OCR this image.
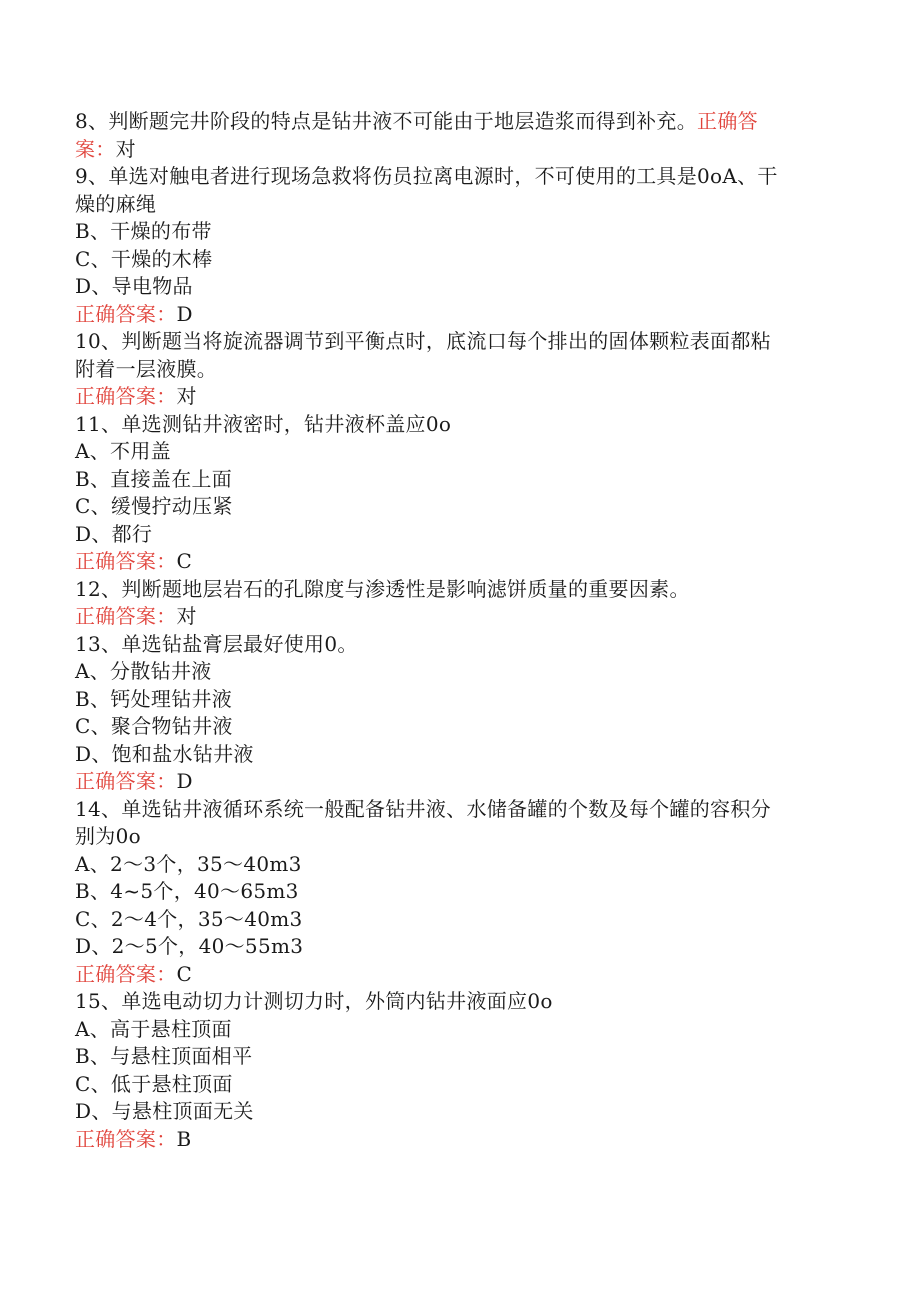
8、判断题完井阶段的特点是钻井液不可能由于地层造浆而得到补充。正确答
案：对
9、单选对触电者进行现场急救将伤员拉离电源时，不可使用的工具是0oA、干
燥的麻绳
B、干燥的布带
C、干燥的木棒
D、导电物品
正确答案：D
10、判断题当将旋流器调节到平衡点时，底流口每个排出的固体颗粒表面都粘
附着一层液膜。
正确答案：对
11、单选测钻井液密时，钻井液杯盖应0o
A、不用盖
B、直接盖在上面
C、缓慢拧动压紧
D、都行
正确答案：C
12、判断题地层岩石的孔隙度与渗透性是影响滤饼质量的重要因素。
正确答案：对
13、单选钻盐膏层最好使用0。
A、分散钻井液
B、钙处理钻井液
C、聚合物钻井液
D、饱和盐水钻井液
正确答案：D
14、单选钻井液循环系统一般配备钻井液、水储备罐的个数及每个罐的容积分
别为0o
A、2～3个，35～40m3
B、4~5个，40～65m3
C、2～4个，35～40m3
D、2～5个，40～55m3
正确答案：C
15、单选电动切力计测切力时，外筒内钻井液面应0o
A、高于悬柱顶面
B、与悬柱顶面相平
C、低于悬柱顶面
D、与悬柱顶面无关
正确答案：B
